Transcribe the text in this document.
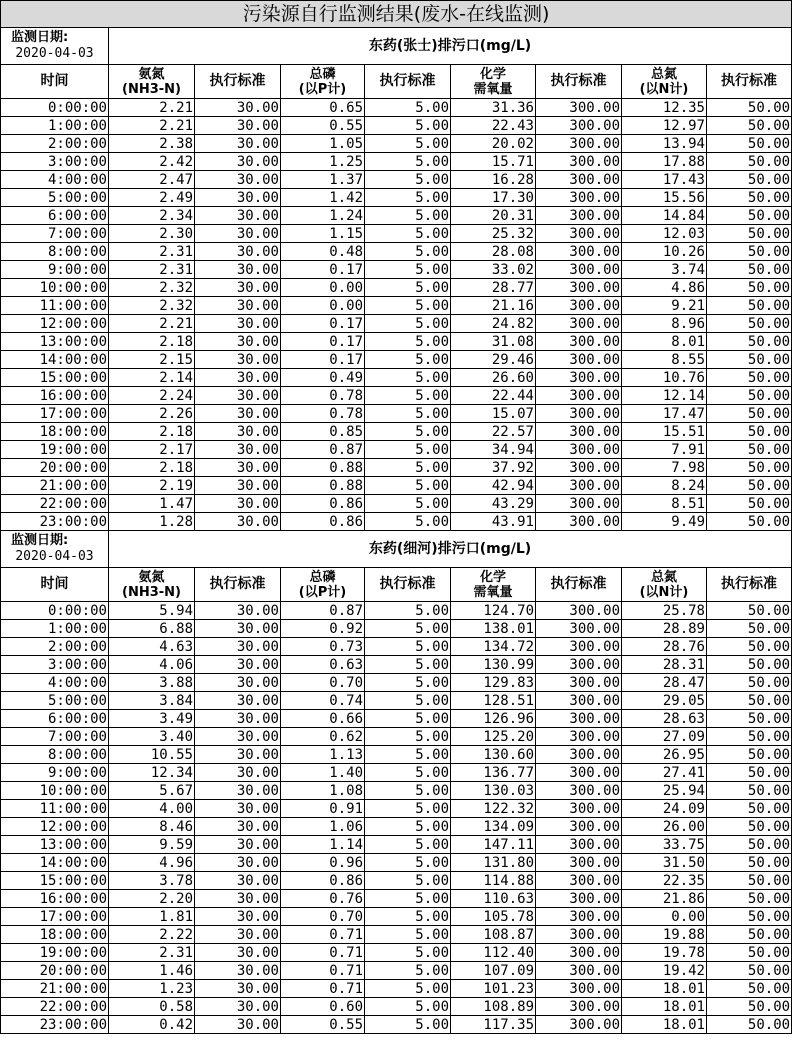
污染源自行监测结果(废水-在线监测)								

监测日期:
2020-04-03	东药(张士)排污口(mg/L)							
时间	氨氮
(NH3-N)	执行标准	总磷
(以P计)	执行标准	化学
需氧量	执行标准	总氮
(以N计)	执行标准
0:00:00	2.21	30.00	0.65	5.00	31.36	300.00	12.35	50.00
1:00:00	2.21	30.00	0.55	5.00	22.43	300.00	12.97	50.00
2:00:00	2.38	30.00	1.05	5.00	20.02	300.00	13.94	50.00
3:00:00	2.42	30.00	1.25	5.00	15.71	300.00	17.88	50.00
4:00:00	2.47	30.00	1.37	5.00	16.28	300.00	17.43	50.00
5:00:00	2.49	30.00	1.42	5.00	17.30	300.00	15.56	50.00
6:00:00	2.34	30.00	1.24	5.00	20.31	300.00	14.84	50.00
7:00:00	2.30	30.00	1.15	5.00	25.32	300.00	12.03	50.00
8:00:00	2.31	30.00	0.48	5.00	28.08	300.00	10.26	50.00
9:00:00	2.31	30.00	0.17	5.00	33.02	300.00	3.74	50.00
10:00:00	2.32	30.00	0.00	5.00	28.77	300.00	4.86	50.00
11:00:00	2.32	30.00	0.00	5.00	21.16	300.00	9.21	50.00
12:00:00	2.21	30.00	0.17	5.00	24.82	300.00	8.96	50.00
13:00:00	2.18	30.00	0.17	5.00	31.08	300.00	8.01	50.00
14:00:00	2.15	30.00	0.17	5.00	29.46	300.00	8.55	50.00
15:00:00	2.14	30.00	0.49	5.00	26.60	300.00	10.76	50.00
16:00:00	2.24	30.00	0.78	5.00	22.44	300.00	12.14	50.00
17:00:00	2.26	30.00	0.78	5.00	15.07	300.00	17.47	50.00
18:00:00	2.18	30.00	0.85	5.00	22.57	300.00	15.51	50.00
19:00:00	2.17	30.00	0.87	5.00	34.94	300.00	7.91	50.00
20:00:00	2.18	30.00	0.88	5.00	37.92	300.00	7.98	50.00
21:00:00	2.19	30.00	0.88	5.00	42.94	300.00	8.24	50.00
22:00:00	1.47	30.00	0.86	5.00	43.29	300.00	8.51	50.00
23:00:00	1.28	30.00	0.86	5.00	43.91	300.00	9.49	50.00

监测日期:
2020-04-03	东药(细河)排污口(mg/L)							
时间	氨氮
(NH3-N)	执行标准	总磷
(以P计)	执行标准	化学
需氧量	执行标准	总氮
(以N计)	执行标准
0:00:00	5.94	30.00	0.87	5.00	124.70	300.00	25.78	50.00
1:00:00	6.88	30.00	0.92	5.00	138.01	300.00	28.89	50.00
2:00:00	4.63	30.00	0.73	5.00	134.72	300.00	28.76	50.00
3:00:00	4.06	30.00	0.63	5.00	130.99	300.00	28.31	50.00
4:00:00	3.88	30.00	0.70	5.00	129.83	300.00	28.47	50.00
5:00:00	3.84	30.00	0.74	5.00	128.51	300.00	29.05	50.00
6:00:00	3.49	30.00	0.66	5.00	126.96	300.00	28.63	50.00
7:00:00	3.40	30.00	0.62	5.00	125.20	300.00	27.09	50.00
8:00:00	10.55	30.00	1.13	5.00	130.60	300.00	26.95	50.00
9:00:00	12.34	30.00	1.40	5.00	136.77	300.00	27.41	50.00
10:00:00	5.67	30.00	1.08	5.00	130.03	300.00	25.94	50.00
11:00:00	4.00	30.00	0.91	5.00	122.32	300.00	24.09	50.00
12:00:00	8.46	30.00	1.06	5.00	134.09	300.00	26.00	50.00
13:00:00	9.59	30.00	1.14	5.00	147.11	300.00	33.75	50.00
14:00:00	4.96	30.00	0.96	5.00	131.80	300.00	31.50	50.00
15:00:00	3.78	30.00	0.86	5.00	114.88	300.00	22.35	50.00
16:00:00	2.20	30.00	0.76	5.00	110.63	300.00	21.86	50.00
17:00:00	1.81	30.00	0.70	5.00	105.78	300.00	0.00	50.00
18:00:00	2.22	30.00	0.71	5.00	108.87	300.00	19.88	50.00
19:00:00	2.31	30.00	0.71	5.00	112.40	300.00	19.78	50.00
20:00:00	1.46	30.00	0.71	5.00	107.09	300.00	19.42	50.00
21:00:00	1.23	30.00	0.71	5.00	101.23	300.00	18.01	50.00
22:00:00	0.58	30.00	0.60	5.00	108.89	300.00	18.01	50.00
23:00:00	0.42	30.00	0.55	5.00	117.35	300.00	18.01	50.00
